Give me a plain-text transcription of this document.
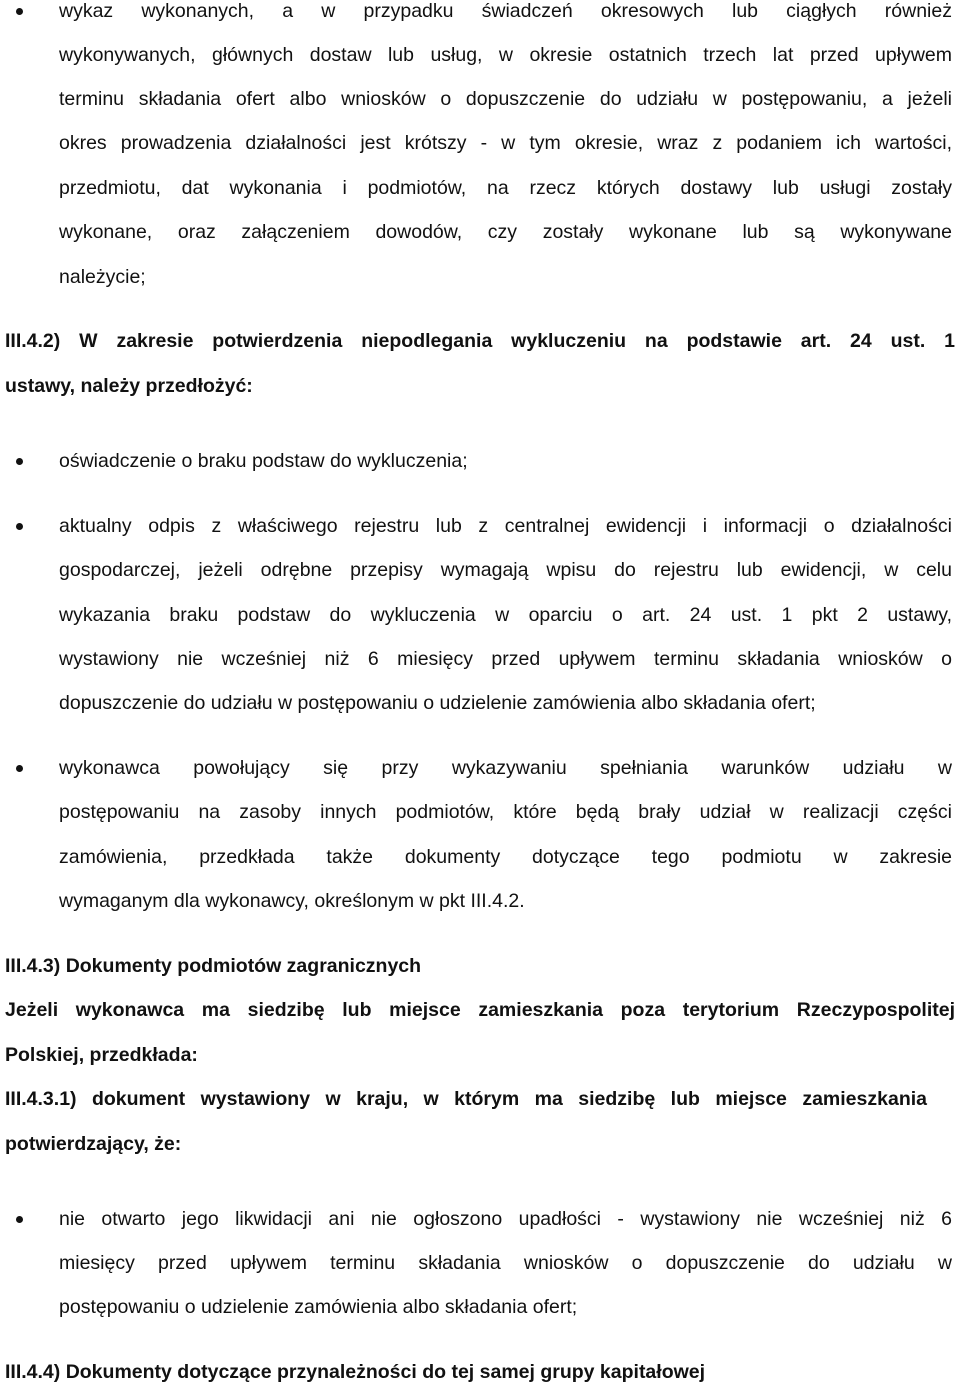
wykaz wykonanych, a w przypadku świadczeń okresowych lub ciągłych również
wykonywanych, głównych dostaw lub usług, w okresie ostatnich trzech lat przed upływem
terminu składania ofert albo wniosków o dopuszczenie do udziału w postępowaniu, a jeżeli
okres prowadzenia działalności jest krótszy - w tym okresie, wraz z podaniem ich wartości,
przedmiotu, dat wykonania i podmiotów, na rzecz których dostawy lub usługi zostały
wykonane, oraz załączeniem dowodów, czy zostały wykonane lub są wykonywane
należycie;
III.4.2) W zakresie potwierdzenia niepodlegania wykluczeniu na podstawie art. 24 ust. 1
ustawy, należy przedłożyć:
oświadczenie o braku podstaw do wykluczenia;
aktualny odpis z właściwego rejestru lub z centralnej ewidencji i informacji o działalności
gospodarczej, jeżeli odrębne przepisy wymagają wpisu do rejestru lub ewidencji, w celu
wykazania braku podstaw do wykluczenia w oparciu o art. 24 ust. 1 pkt 2 ustawy,
wystawiony nie wcześniej niż 6 miesięcy przed upływem terminu składania wniosków o
dopuszczenie do udziału w postępowaniu o udzielenie zamówienia albo składania ofert;
wykonawca powołujący się przy wykazywaniu spełniania warunków udziału w
postępowaniu na zasoby innych podmiotów, które będą brały udział w realizacji części
zamówienia, przedkłada także dokumenty dotyczące tego podmiotu w zakresie
wymaganym dla wykonawcy, określonym w pkt III.4.2.
III.4.3) Dokumenty podmiotów zagranicznych
Jeżeli wykonawca ma siedzibę lub miejsce zamieszkania poza terytorium Rzeczypospolitej
Polskiej, przedkłada:
III.4.3.1) dokument wystawiony w kraju, w którym ma siedzibę lub miejsce zamieszkania
potwierdzający, że:
nie otwarto jego likwidacji ani nie ogłoszono upadłości - wystawiony nie wcześniej niż 6
miesięcy przed upływem terminu składania wniosków o dopuszczenie do udziału w
postępowaniu o udzielenie zamówienia albo składania ofert;
III.4.4) Dokumenty dotyczące przynależności do tej samej grupy kapitałowej
